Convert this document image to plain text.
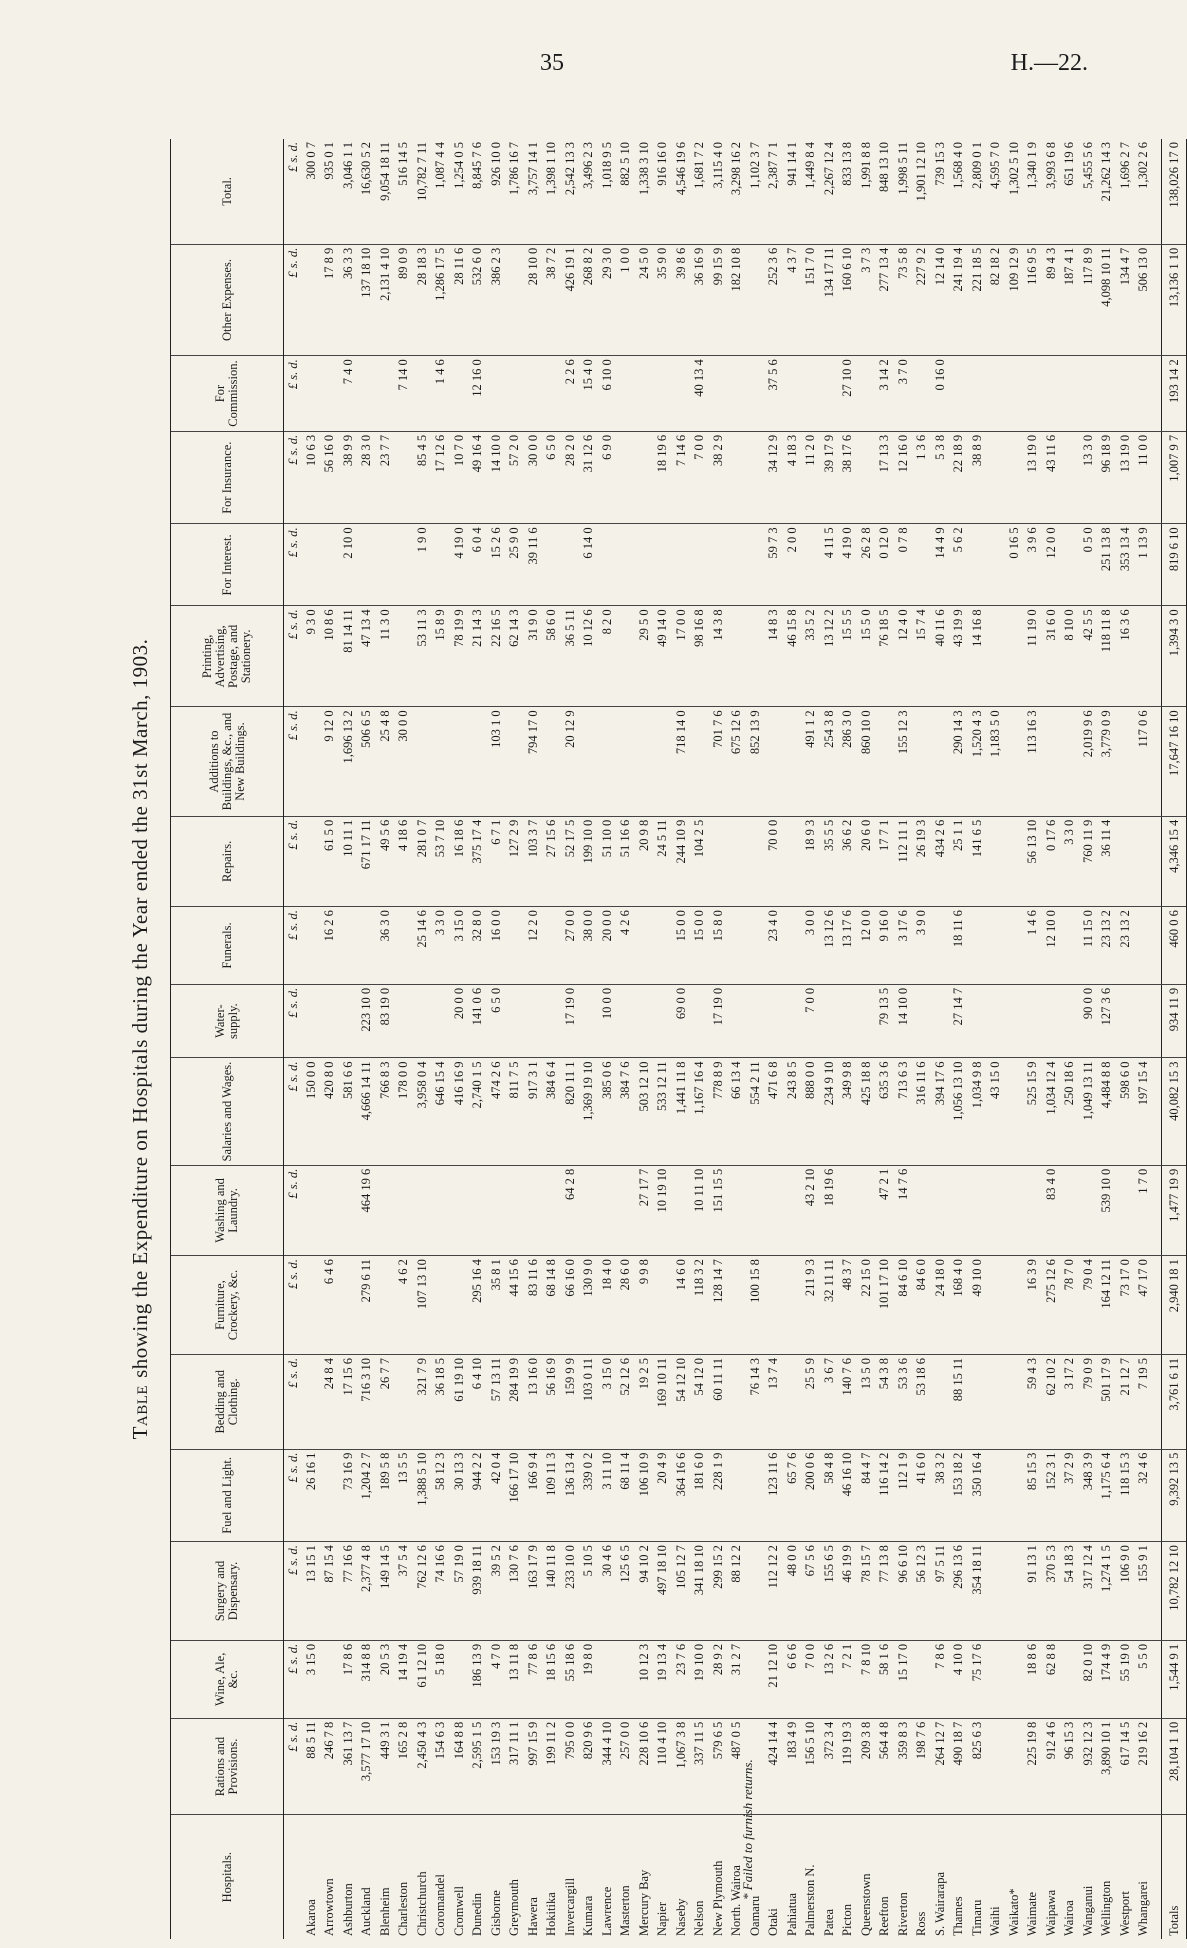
35	H.—22.
Tableshowing the Expenditure on Hospitals during the Year ended the 31st March, 1903.
Hospitals.	Rations and Provisions.	Wine, Ale, &c.	Surgery and Dispensary.	Fuel and Light.	Bedding and Clothing.	Furniture, Crockery, &c.	Washing and Laundry.	Salaries and Wages.	Water-supply.	Funerals.	Repairs.	Additions to Buildings, &c., and New Buildings.	Printing, Advertising, Postage, and Stationery.	For Interest.	For Insurance.	For Commission.	Other Expenses.	Total.
	£ s. d.	£ s. d.	£ s. d.	£ s. d.	£ s. d.	£ s. d.	£ s. d.	£ s. d.	£ s. d.	£ s. d.	£ s. d.	£ s. d.	£ s. d.	£ s. d.	£ s. d.	£ s. d.	£ s. d.	£ s. d.
Akaroa	88 5 11	3 15 0	13 15 1	26 16 1				150 0 0					9 3 0		10 6 3			300 0 7
Arrowtown	246 7 8		87 15 4		24 8 4	6 4 6		420 8 0		16 2 6	61 5 0	9 12 0	10 8 6		56 16 0		17 8 9	935 0 1
Ashburton	361 13 7	17 8 6	77 16 6	73 16 9	17 15 6			581 6 6			10 11 1	1,696 13 2	81 14 11	2 10 0	38 9 9	7 4 0	36 3 3	3,046 1 1
Auckland	3,577 17 10	314 8 8	2,377 4 8	1,204 2 7	716 3 10	279 6 11	464 19 6	4,666 14 11	223 10 0		671 17 11	506 6 5	47 13 4		28 3 0		137 18 10	16,630 5 2
Blenheim	449 3 1	20 5 3	149 14 5	189 5 8	26 7 7			766 8 3	83 19 0	36 3 0	49 5 6	25 4 8	11 3 0		23 7 7		2,131 4 10	9,054 18 11
Charleston	165 2 8	14 19 4	37 5 4	13 5 5		4 6 2		178 0 0			4 18 6	30 0 0				7 14 0	89 0 9	516 14 5
Christchurch	2,450 4 3	61 12 10	762 12 6	1,388 5 10	321 7 9	107 13 10		3,958 0 4		25 14 6	281 0 7		53 11 3	1 9 0	85 4 5		28 18 3	10,782 7 11
Coromandel	154 6 3	5 18 0	74 16 6	58 12 3	36 18 5			646 15 4		3 3 0	53 7 10		15 8 9		17 12 6	1 4 6	1,286 17 5	1,087 4 4
Cromwell	164 8 8		57 19 0	30 13 3	61 19 10			416 16 9	20 0 0	3 15 0	16 18 6		78 19 9	4 19 0	10 7 0		28 11 6	1,254 0 5
Dunedin	2,595 1 5	186 13 9	939 18 11	944 2 2	6 4 10	295 16 4		2,740 1 5	141 0 6	32 8 0	375 17 4		21 14 3	6 0 4	49 16 4	12 16 0	532 6 0	8,845 7 6
Gisborne	153 19 3	4 7 0	39 5 2	42 0 4	57 13 11	35 8 1		474 2 6	6 5 0	16 0 0	6 7 1	103 1 0	22 16 5	15 2 6	14 10 0		386 2 3	926 10 0
Greymouth	317 11 1	13 11 8	130 7 6	166 17 10	284 19 9	44 15 6		811 7 5			127 2 9		62 14 3	25 9 0	57 2 0			1,786 16 7
Hawera	997 15 9	77 8 6	163 17 9	166 9 4	13 16 0	83 11 6		917 3 1		12 2 0	103 3 7	794 17 0	31 9 0	39 11 6	30 0 0		28 10 0	3,757 14 1
Hokitika	199 11 2	18 15 6	140 11 8	109 11 3	56 16 9	68 14 8		384 6 4			27 15 6		58 6 0		6 5 0		38 7 2	1,398 1 10
Invercargill	795 0 0	55 18 6	233 10 0	136 13 4	159 9 9	66 16 0	64 2 8	820 11 1	17 19 0	27 0 0	52 17 5	20 12 9	36 5 11		28 2 0	2 2 6	426 19 1	2,542 13 3
Kumara	820 9 6	19 8 0	5 10 5	339 0 2	103 0 11	130 9 0		1,369 19 10		38 0 0	199 10 0		10 12 6	6 14 0	31 12 6	15 4 0	268 8 2	3,496 2 3
Lawrence	344 4 10		30 4 6	3 11 10	3 15 0	18 4 0		385 0 6	10 0 0	20 0 0	51 10 0		8 2 0		6 9 0	6 10 0	29 3 0	1,018 9 5
Masterton	257 0 0		125 6 5	68 11 4	52 12 6	28 6 0		384 7 6		4 2 6	51 16 6						1 0 0	882 5 10
Mercury Bay	228 10 6	10 12 3	94 10 2	106 10 9	19 2 5	9 9 8	27 17 7	503 12 10			20 9 8		29 5 0				24 5 0	1,338 3 10
Napier	110 4 10	19 13 4	497 18 10	20 4 9	169 10 11		10 19 10	533 12 11			24 5 11		49 14 0		18 19 6		35 9 0	916 16 0
Naseby	1,067 3 8	23 7 6	105 12 7	364 16 6	54 12 10	14 6 0		1,441 11 8	69 0 0	15 0 0	244 10 9	718 14 0	17 0 0		7 14 6		39 8 6	4,546 19 6
Nelson	337 11 5	19 10 0	341 18 10	181 6 0	54 12 0	118 3 2	10 11 10	1,167 16 4		15 0 0	104 2 5		98 16 8		7 0 0	40 13 4	36 16 9	1,681 7 2
New Plymouth	579 6 5	28 9 2	299 15 2	228 1 9	60 11 11	128 14 7	151 15 5	778 8 9	17 19 0	15 8 0		701 7 6	14 3 8		38 2 9		99 15 9	3,115 4 0
North. Wairoa	487 0 5	31 2 7	88 12 2					66 13 4				675 12 6					182 10 8	3,298 16 2
Oamaru					76 14 3	100 15 8		554 2 11				852 13 9						1,102 3 7
Otaki	424 14 4	21 12 10	112 12 2	123 11 6	13 7 4			471 6 8		23 4 0	70 0 0		14 8 3	59 7 3	34 12 9	37 5 6	252 3 6	2,387 7 1
Pahiatua	183 4 9	6 6 6	48 0 0	65 7 6				243 8 5					46 15 8	2 0 0	4 18 3		4 3 7	941 14 1
Palmerston N.	156 5 10	7 0 0	67 5 6	200 0 6	25 5 9	211 9 3	43 2 10	888 0 0	7 0 0	3 0 0	18 9 3	491 1 2	33 5 2		11 2 0		151 7 0	1,449 8 4
Patea	372 3 4	13 2 6	155 6 5	58 4 8	3 6 7	32 11 11	18 19 6	234 9 10		13 12 6	35 5 5	254 3 8	13 12 2	4 11 5	39 17 9		134 17 11	2,267 12 4
Picton	119 19 3	7 2 1	46 19 9	46 16 10	140 7 6	48 3 7		349 9 8		13 17 6	36 6 2	286 3 0	15 5 5	4 19 0	38 17 6	27 10 0	160 6 10	833 13 8
Queenstown	209 3 8	7 8 10	78 15 7	84 4 7	13 5 0	22 15 0		425 18 8		12 0 0	20 6 0	860 10 0	15 5 0	26 2 8			3 7 3	1,991 8 8
Reefton	564 4 8	58 1 6	77 13 8	116 14 2	54 3 8	101 17 10	47 2 1	635 3 6	79 13 5	9 16 0	17 7 1		76 18 5	0 12 0	17 13 3	3 14 2	277 13 4	848 13 10
Riverton	359 8 3	15 17 0	96 6 10	112 1 9	53 3 6	84 6 10	14 7 6	713 6 3	14 10 0	3 17 6	112 11 1	155 12 3	12 4 0	0 7 8	12 16 0	3 7 0	73 5 8	1,998 5 11
Ross	198 7 6		56 12 3	41 6 0	53 18 6	84 6 0		316 11 6		3 9 0	26 19 3		15 7 4		1 3 6		227 9 2	1,901 12 10
S. Wairarapa	264 12 7	7 8 6	97 5 11	38 3 2		24 18 0		394 17 6			434 2 6		40 11 6	14 4 9	5 3 8	0 16 0	12 14 0	739 15 3
Thames	490 18 7	4 10 0	296 13 6	153 18 2	88 15 11	168 4 0		1,056 13 10	27 14 7	18 11 6	25 1 1	290 14 3	43 19 9	5 6 2	22 18 9		241 19 4	1,568 4 0
Timaru	825 6 3	75 17 6	354 18 11	350 16 4		49 10 0		1,034 9 8			141 6 5	1,520 4 3	14 16 8		38 8 9		221 18 5	2,809 0 1
Waihi								43 15 0				1,183 5 0					82 18 2	4,595 7 0
Waikato*														0 16 5			109 12 9	1,302 5 10
Waimate	225 19 8	18 8 6	91 13 1	85 15 3	59 4 3	16 3 9		525 15 9		1 4 6	56 13 10	113 16 3	11 19 0	3 9 6	13 19 0		116 9 5	1,340 1 9
Waipawa	912 4 6	62 8 8	370 5 3	152 3 1	62 10 2	275 12 6	83 4 0	1,034 12 4		12 10 0	0 17 6		31 6 0	12 0 0	43 11 6		89 4 3	3,993 6 8
Wairoa	96 15 3		54 18 3	37 2 9	3 17 2	78 7 0		250 18 6			3 3 0		8 10 0				187 4 1	651 19 6
Wanganui	932 12 3	82 0 10	317 12 4	348 3 9	79 0 9	79 0 4		1,049 13 11	90 0 0	11 15 0	760 11 9	2,019 9 6	42 5 5	0 5 0	13 3 0		117 8 9	5,455 5 6
Wellington	3,890 10 1	174 4 9	1,274 1 5	1,175 6 4	501 17 9	164 12 11	539 10 0	4,484 8 8	127 3 6	23 13 2	36 11 4	3,779 0 9	118 11 8	251 13 8	96 18 9		4,098 10 11	21,262 14 3
Westport	617 14 5	55 19 0	106 9 0	118 15 3	21 12 7	73 17 0		598 6 0		23 13 2			16 3 6	353 13 4	13 19 0		134 4 7	1,696 2 7
Whangarei	219 16 2	5 5 0	155 9 1	32 4 6	7 19 5	47 17 0	1 7 0	197 15 4				117 0 6		1 13 9	11 0 0		506 13 0	1,302 2 6

Totals	28,104 1 10	1,544 9 1	10,782 12 10	9,392 13 5	3,761 6 11	2,940 18 1	1,477 19 9	40,082 15 3	934 11 9	460 0 6	4,346 15 4	17,647 16 10	1,394 3 0	819 6 10	1,007 9 7	193 14 2	13,136 1 10	138,026 17 0
* Failed to furnish returns.
